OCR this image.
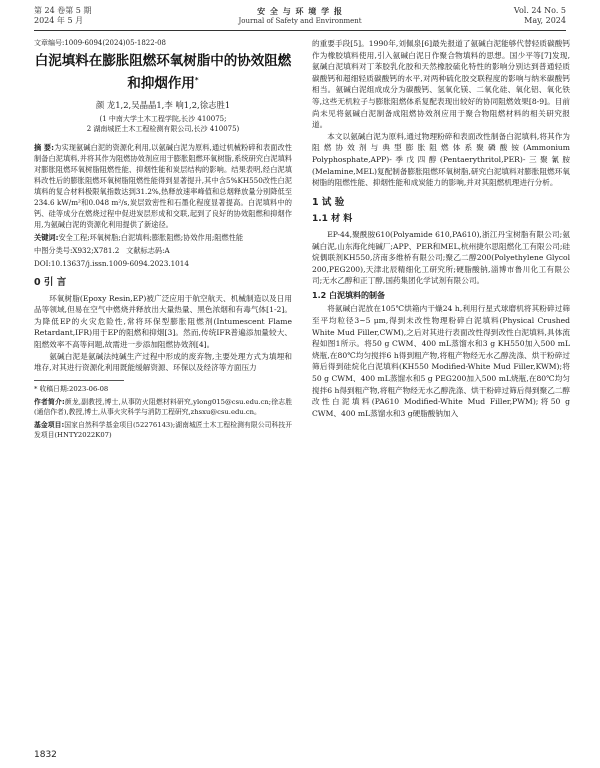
第 24 卷第 5 期
2024 年 5 月
安 全 与 环 境 学 报
Journal of Safety and Environment
Vol. 24 No. 5
May, 2024
文章编号:1009-6094(2024)05-1822-08
白泥填料在膨胀阻燃环氧树脂中的协效阻燃和抑烟作用*
颜 龙1,2,吴晶晶1,李 响1,2,徐志胜1
(1 中南大学土木工程学院,长沙 410075;
2 湖南城匠土木工程检测有限公司,长沙 410075)
摘 要:为实现氨碱白泥的资源化利用,以氨碱白泥为原料,通过机械粉碎和表面改性制备白泥填料,并将其作为阻燃协效剂应用于膨胀阻燃环氧树脂,系统研究白泥填料对膨胀阻燃环氧树脂阻燃性能、抑烟性能和炭层结构的影响。结果表明,经白泥填料改性后的膨胀阻燃环氧树脂阻燃性能得到显著提升,其中含5%KH550改性白泥填料的复合材料极限氧指数达到31.2%,热释放速率峰值和总烟释放量分别降低至234.6 kW/m²和0.048 m²/s,炭层致密性和石墨化程度显著提高。白泥填料中的钙、硅等成分在燃烧过程中促进炭层形成和交联,起到了良好的协效阻燃和抑烟作用,为氨碱白泥的资源化利用提供了新途径。
关键词:安全工程;环氧树脂;白泥填料;膨胀阻燃;协效作用;阻燃性能
中图分类号:X932;X781.2 文献标志码:A
DOI:10.13637/j.issn.1009-6094.2023.1014
0 引 言

环氧树脂(Epoxy Resin,EP)被广泛应用于航空航天、机械制造以及日用品等领域,但易在空气中燃烧并释放出大量热量、黑色浓烟和有毒气体[1-2]。为降低EP的火灾危险性,常将环保型膨胀阻燃剂(Intumescent Flame Retardant,IFR)用于EP的阻燃和抑烟[3]。然而,传统IFR普遍添加量较大、阻燃效率不高等问题,故需进一步添加阻燃协效剂[4]。

氨碱白泥是氨碱法纯碱生产过程中形成的废弃物,主要处理方式为填埋和堆存,对其进行资源化利用既能缓解资源、环保以及经济等方面压力

* 收稿日期:2023-06-08
作者简介:颜龙,副教授,博士,从事防火阻燃材料研究,ylong015@csu.edu.cn;徐志胜(通信作者),教授,博士,从事火灾科学与消防工程研究,zhsxu@csu.edu.cn。
基金项目:国家自然科学基金项目(52276143);湖南城匠土木工程检测有限公司科技开发项目(HNTY2022K07)

的重要手段[5]。1990年,刘佩泉[6]最先报道了氨碱白泥能够代替轻质碳酸钙作为橡胶填料使用,引入氨碱白泥日作聚合物填料的思想。国少平等[7]发现,氨碱白泥填料对丁苯胶乳化胶和天然橡胶硫化特性的影响分别达到普通轻质碳酸钙和超细轻质碳酸钙的水平,对两种硫化胶交联程度的影响与纳米碳酸钙相当。氨碱白泥组成成分为碳酸钙、氢氧化镁、二氧化硅、氧化铝、氧化铁等,这些无机粒子与膨胀阻燃体系复配表现出较好的协同阻燃效果[8-9]。目前尚未见将氨碱白泥制备成阻燃协效剂应用于聚合物阻燃材料的相关研究报道。

本文以氨碱白泥为原料,通过物理粉碎和表面改性制备白泥填料,将其作为阻燃协效剂与典型膨胀阻燃体系聚磷酸铵(Ammonium Polyphosphate,APP)-季戊四醇(Pentaerythritol,PER)-三聚氰胺(Melamine,MEL)复配制备膨胀阻燃环氧树脂,研究白泥填料对膨胀阻燃环氧树脂的阻燃性能、抑烟性能和成炭能力的影响,并对其阻燃机理进行分析。

1 试 验
1.1 材 料

EP-44,聚酰胺610(Polyamide 610,PA610),浙江丹宝树脂有限公司;氨碱白泥,山东海化纯碱厂;APP、PER和MEL,杭州捷尔思阻燃化工有限公司;硅烷偶联剂KH550,济南多维桥有限公司;聚乙二醇200(Polyethylene Glycol 200,PEG200),天津北辰精细化工研究所;硬脂酸钠,淄博市鲁川化工有限公司;无水乙醇和正丁醇,国药集团化学试剂有限公司。

1.2 白泥填料的制备

将氨碱白泥放在105℃烘箱内干燥24 h,利用行星式球磨机将其粉碎过筛至平均粒径3~5 μm,得到未改性物理粉碎白泥填料(Physical Crushed White Mud Filler,CWM),之后对其进行表面改性得到改性白泥填料,具体流程如图1所示。将50 g CWM、400 mL蒸馏水和3 g KH550加入500 mL烧瓶,在80℃均匀搅拌6 h得到粗产物,将粗产物经无水乙醇洗涤、烘干粉碎过筛后得到硅烷化白泥填料(KH550 Modified-White Mud Filler,KWM);将50 g CWM、400 mL蒸馏水和5 g PEG200加入500 mL烧瓶,在80℃均匀搅拌6 h得到粗产物,将粗产物经无水乙醇洗涤、烘干粉碎过筛后得到聚乙二醇改性白泥填料(PA610 Modified-White Mud Filler,PWM);将50 g CWM、400 mL蒸馏水和3 g硬脂酸钠加入

1832
